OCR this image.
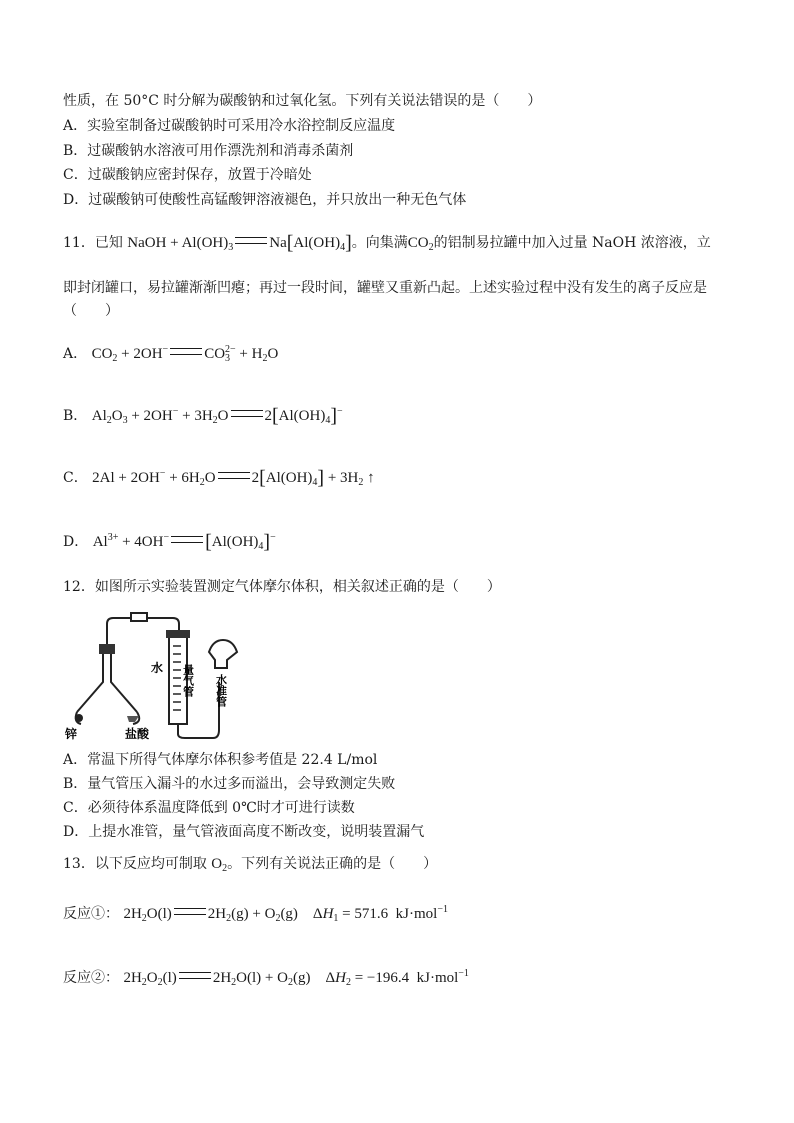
性质，在 50°C 时分解为碳酸钠和过氧化氢。下列有关说法错误的是（　　）
A．实验室制备过碳酸钠时可采用冷水浴控制反应温度
B．过碳酸钠水溶液可用作漂洗剂和消毒杀菌剂
C．过碳酸钠应密封保存，放置于冷暗处
D．过碳酸钠可使酸性高锰酸钾溶液褪色，并只放出一种无色气体
11．已知 NaOH + $Al(OH)_3$ $Na[Al(OH)_4]$。向集满$CO_2$的铝制易拉罐中加入过量 NaOH 浓溶液，立
即封闭罐口，易拉罐渐渐凹瘪；再过一段时间，罐壁又重新凸起。上述实验过程中没有发生的离子反应是
（　　）
A． $CO_2 + 2OH^-$ $CO_3^{2-} + H_2O$
B． $Al_2O_3 + 2OH^- + 3H_2O$ $2[Al(OH)_4]^-$
C． $2Al + 2OH^- + 6H_2O$ $2[Al(OH)_4] + 3H_2$ ↑
D． $Al^{3+} + 4OH^-$ $[Al(OH)_4]^-$
12．如图所示实验装置测定气体摩尔体积，相关叙述正确的是（　　）
水 量气管 水准管
锌	盐酸
A．常温下所得气体摩尔体积参考值是 22.4 L/mol
B．量气管压入漏斗的水过多而溢出，会导致测定失败
C．必须待体系温度降低到 0℃时才可进行读数
D．上提水准管，量气管液面高度不断改变，说明装置漏气
13．以下反应均可制取 $O_2$。下列有关说法正确的是（　　）
反应①： $2H_2O(l) 2H_2(g) + O_2(g)$    $\Delta H_1 = 571.6$ kJ·mol$^{-1}$
反应②： $2H_2O_2(l) 2H_2O(l) + O_2(g)$    $\Delta H_2 = -196.4$ kJ·mol$^{-1}$
